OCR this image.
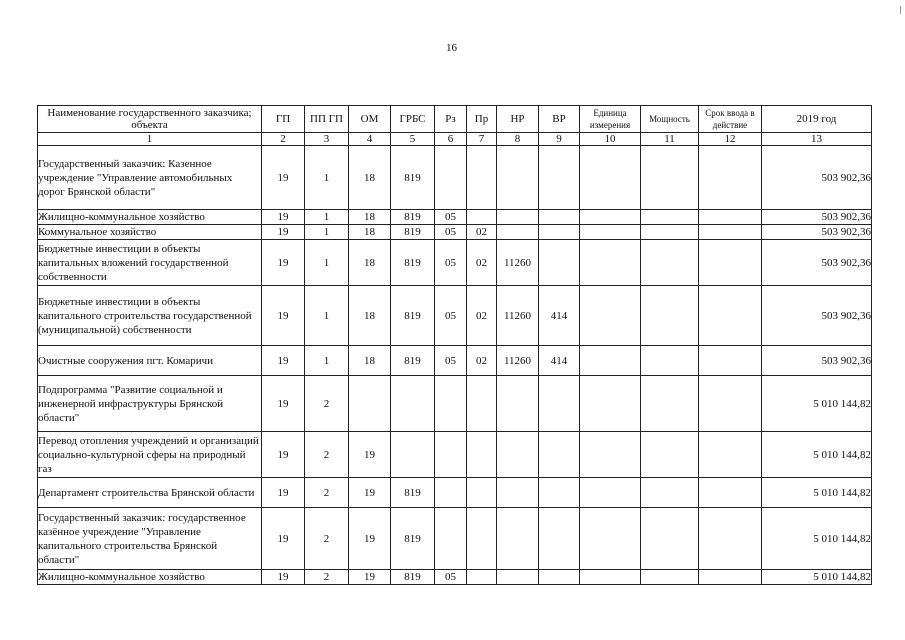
16
Наименование государственного заказчика; объекта	ГП	ПП ГП	ОМ	ГРБС	Рз	Пр	НР	ВР	Единица измерения	Мощность	Срок ввода в действие	2019 год
1	2	3	4	5	6	7	8	9	10	11	12	13
Государственный заказчик: Казенное учреждение "Управление автомобильных дорог Брянской области"	19	1	18	819								503 902,36
Жилищно-коммунальное хозяйство	19	1	18	819	05							503 902,36
Коммунальное хозяйство	19	1	18	819	05	02						503 902,36
Бюджетные инвестиции в объекты капитальных вложений государственной собственности	19	1	18	819	05	02	11260					503 902,36
Бюджетные инвестиции в объекты капитального строительства государственной (муниципальной) собственности	19	1	18	819	05	02	11260	414				503 902,36
Очистные сооружения пгт. Комаричи	19	1	18	819	05	02	11260	414				503 902,36
Подпрограмма "Развитие социальной и инженерной инфраструктуры Брянской области"	19	2										5 010 144,82
Перевод отопления учреждений и организаций социально-культурной сферы на природный газ	19	2	19									5 010 144,82
Департамент строительства Брянской области	19	2	19	819								5 010 144,82
Государственный заказчик: государственное казённое учреждение "Управление капитального строительства Брянской области"	19	2	19	819								5 010 144,82
Жилищно-коммунальное хозяйство	19	2	19	819	05							5 010 144,82
